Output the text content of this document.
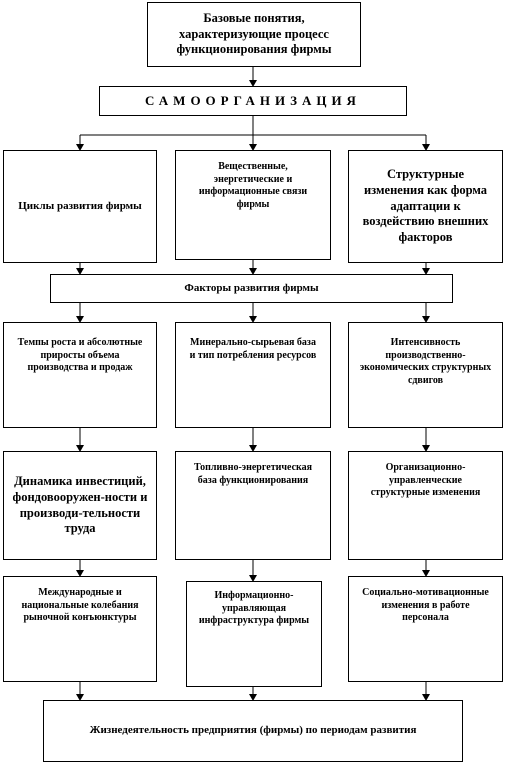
Базовые понятия, характеризующие процесс функционирования фирмы
САМООРГАНИЗАЦИЯ
Циклы развития фирмы
Вещественные, энергетические и информационные связи фирмы
Структурные изменения как форма адаптации к воздействию внешних факторов
Факторы развития фирмы
Темпы роста и абсолютные приросты объема производства и продаж
Минерально-сырьевая база и тип потребления ресурсов
Интенсивность производственно-экономических структурных сдвигов
Динамика инвестиций, фондовооружен-ности и производи-тельности труда
Топливно-энергетическая база функционирования
Организационно-управленческие структурные изменения
Международные и национальные колебания рыночной конъюнктуры
Информационно-управляющая инфраструктура фирмы
Социально-мотивационные изменения в работе персонала
Жизнедеятельность предприятия (фирмы) по периодам развития
